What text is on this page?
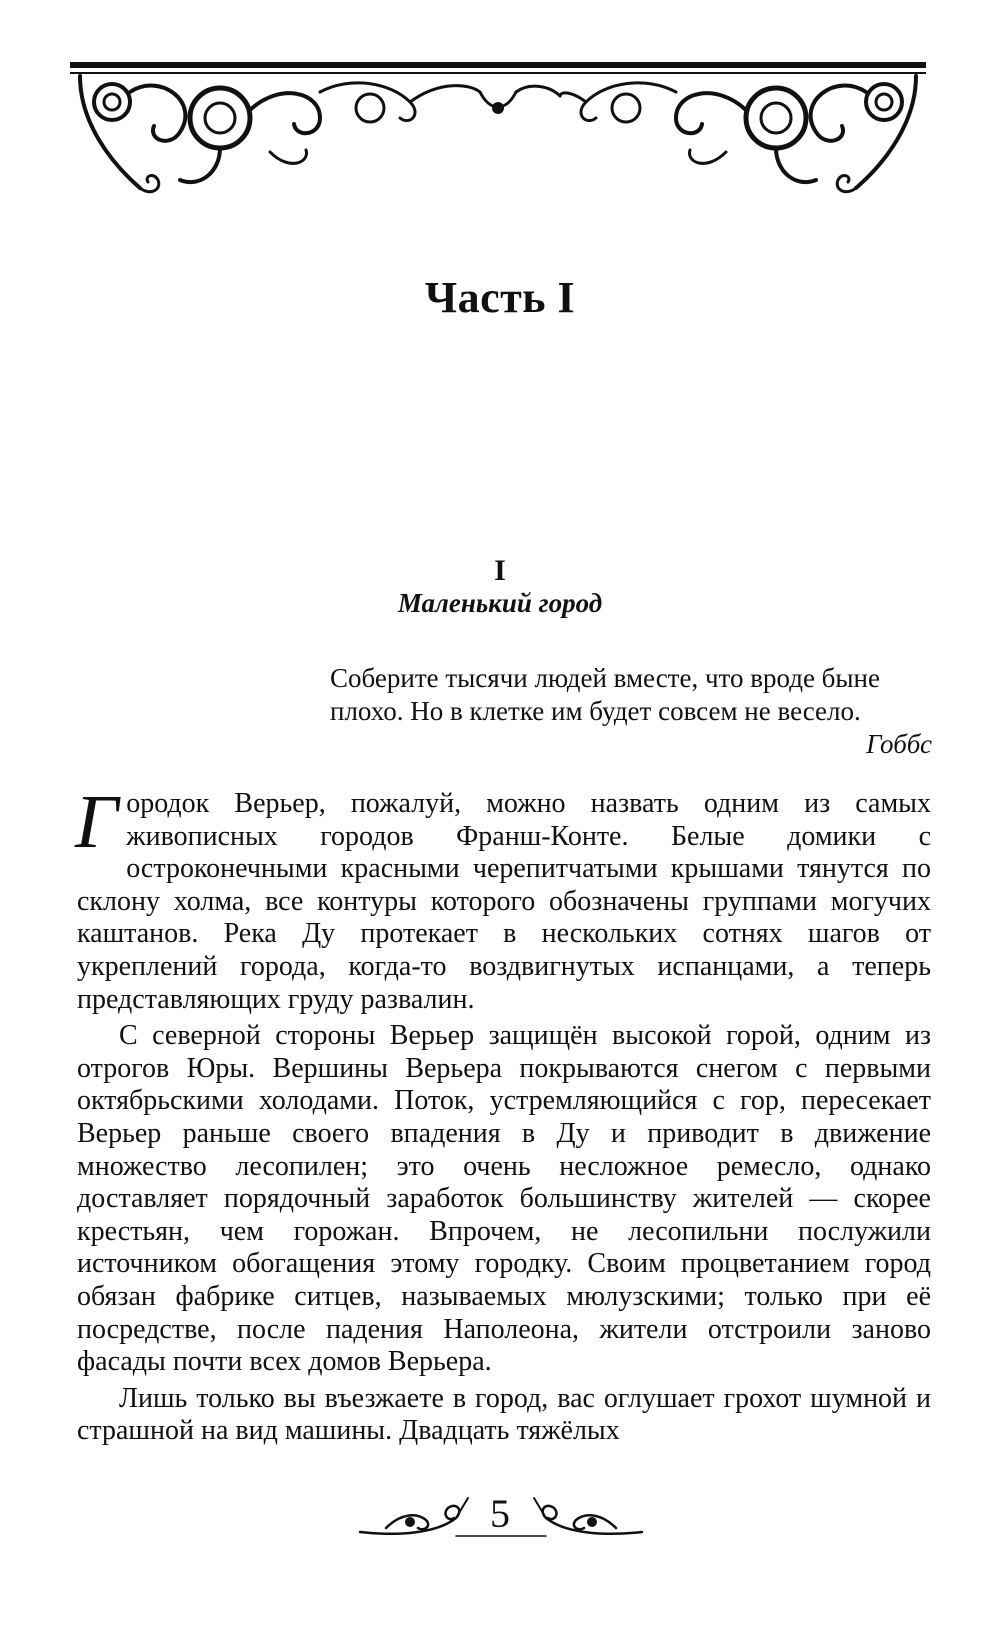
Часть I
I
Маленький город
Соберите тысячи людей вместе, что вроде быне
плохо. Но в клетке им будет совсем не весело.
Гоббс

Городок Верьер, пожалуй, можно назвать одним из самых живописных городов Франш-Конте. Белые домики с остроконечными красными черепитчатыми крышами тянутся по склону холма, все контуры которого обозначены группами могучих каштанов. Река Ду протекает в нескольких сотнях шагов от укреплений города, когда-то воздвигнутых испанцами, а теперь представляющих груду развалин.

С северной стороны Верьер защищён высокой горой, одним из отрогов Юры. Вершины Верьера покрываются снегом с первыми октябрьскими холодами. Поток, устремляющийся с гор, пересекает Верьер раньше своего впадения в Ду и приводит в движение множество лесопилен; это очень несложное ремесло, однако доставляет порядочный заработок большинству жителей — скорее крестьян, чем горожан. Впрочем, не лесопильни послужили источником обогащения этому городку. Своим процветанием город обязан фабрике ситцев, называемых мюлузскими; только при её посредстве, после падения Наполеона, жители отстроили заново фасады почти всех домов Верьера.

Лишь только вы въезжаете в город, вас оглушает грохот шумной и страшной на вид машины. Двадцать тяжёлых

5
